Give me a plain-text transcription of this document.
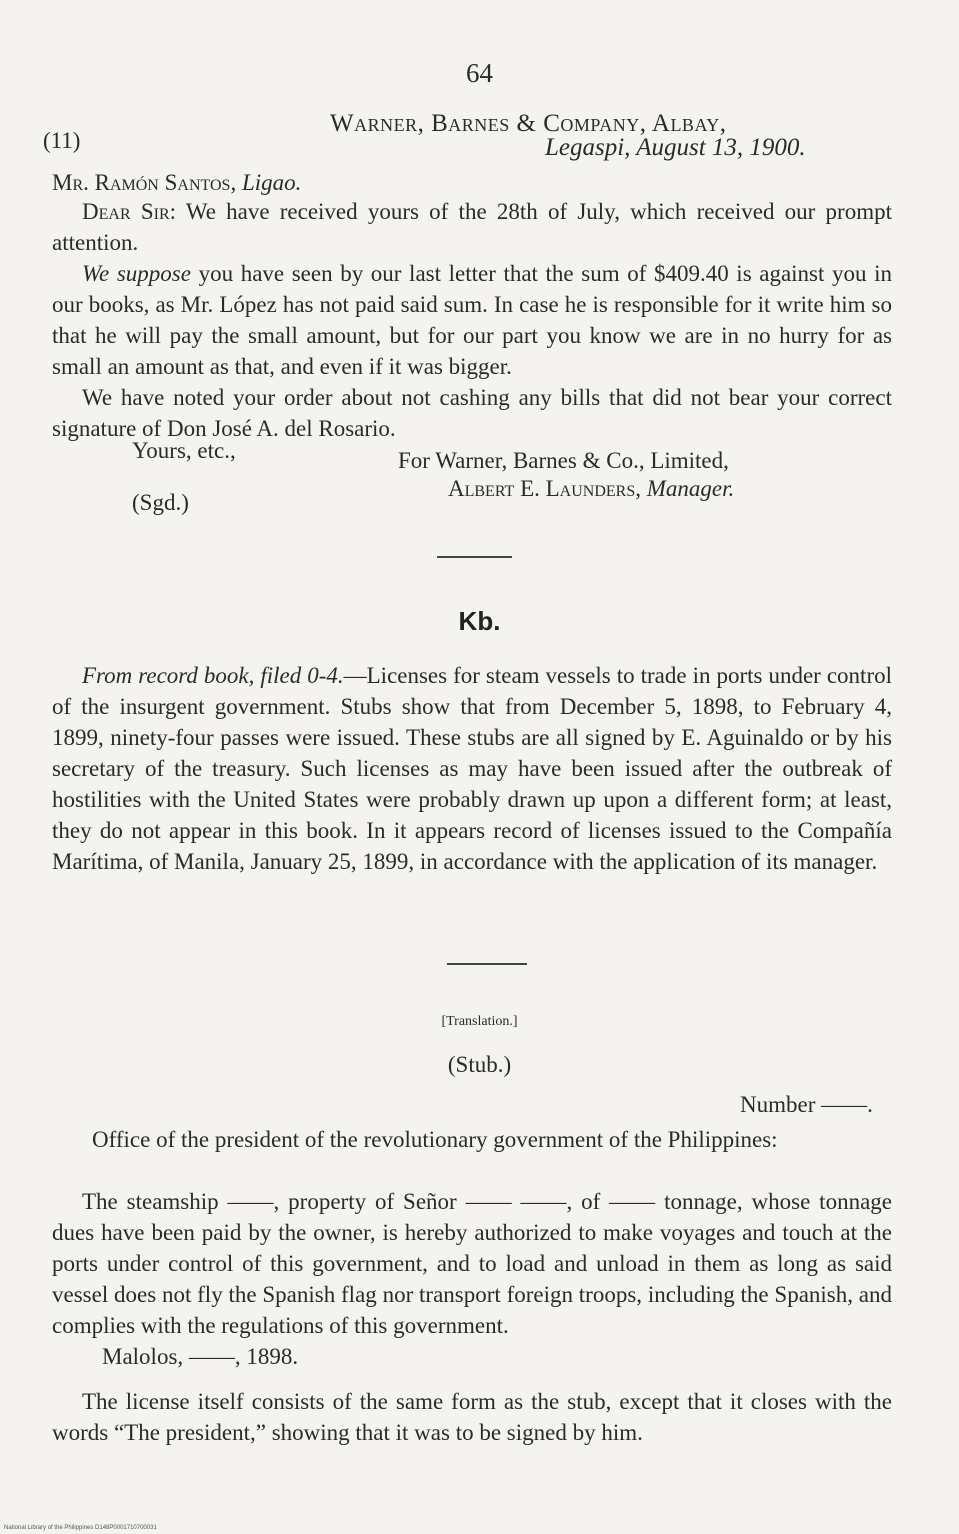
64
(11)
Warner, Barnes & Company, Albay,
Legaspi, August 13, 1900.
Mr. Ramón Santos, Ligao.

Dear Sir: We have received yours of the 28th of July, which received our prompt attention.

We suppose you have seen by our last letter that the sum of $409.40 is against you in our books, as Mr. López has not paid said sum. In case he is responsible for it write him so that he will pay the small amount, but for our part you know we are in no hurry for as small an amount as that, and even if it was bigger.

We have noted your order about not cashing any bills that did not bear your correct signature of Don José A. del Rosario.

Yours, etc.,
(Sgd.)
For Warner, Barnes & Co., Limited,
Albert E. Launders, Manager.
Kb.

From record book, filed 0-4.—Licenses for steam vessels to trade in ports under control of the insurgent government. Stubs show that from December 5, 1898, to February 4, 1899, ninety-four passes were issued. These stubs are all signed by E. Aguinaldo or by his secretary of the treasury. Such licenses as may have been issued after the outbreak of hostilities with the United States were probably drawn up upon a different form; at least, they do not appear in this book. In it appears record of licenses issued to the Compañía Marítima, of Manila, January 25, 1899, in accordance with the application of its manager.

[Translation.]
(Stub.)
Number ——.

Office of the president of the revolutionary government of the Philippines:

The steamship ——, property of Señor —— ——, of —— tonnage, whose tonnage dues have been paid by the owner, is hereby authorized to make voyages and touch at the ports under control of this government, and to load and unload in them as long as said vessel does not fly the Spanish flag nor transport foreign troops, including the Spanish, and complies with the regulations of this government.

Malolos, ——, 1898.

The license itself consists of the same form as the stub, except that it closes with the words “The president,” showing that it was to be signed by him.

National Library of the Philippines D148P0001710700031
